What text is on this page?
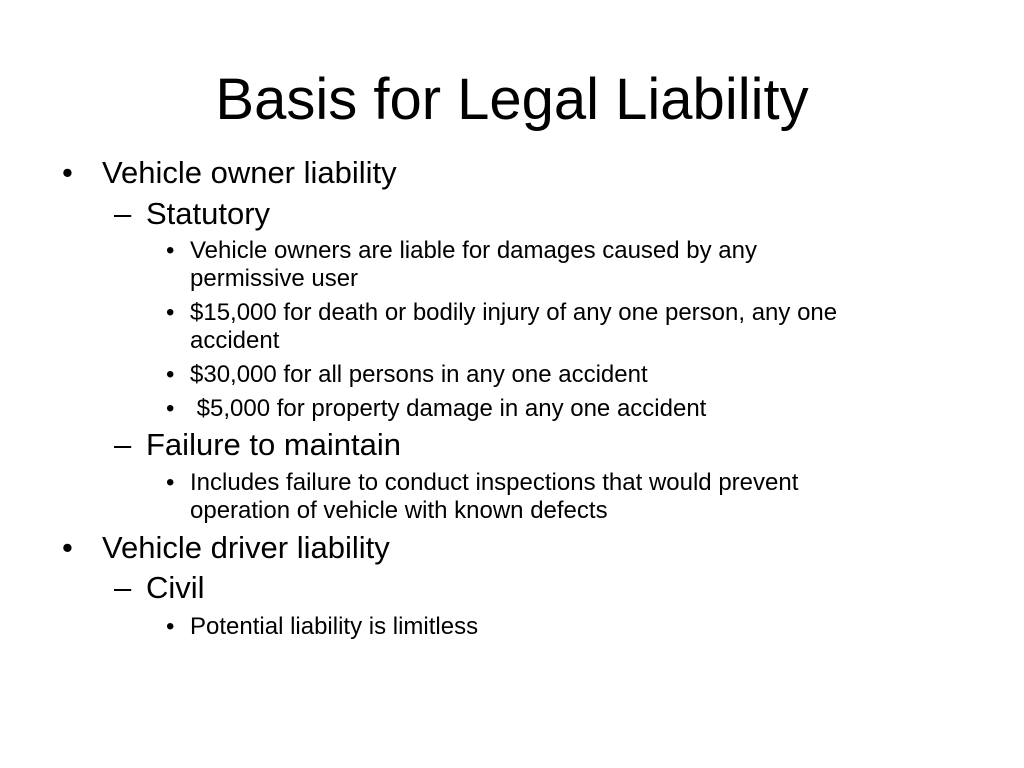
Basis for Legal Liability
• Vehicle owner liability
– Statutory
• Vehicle owners are liable for damages caused by any
permissive user
• $15,000 for death or bodily injury of any one person, any one
accident
• $30,000 for all persons in any one accident
• $5,000 for property damage in any one accident
– Failure to maintain
• Includes failure to conduct inspections that would prevent
operation of vehicle with known defects
• Vehicle driver liability
– Civil
• Potential liability is limitless
